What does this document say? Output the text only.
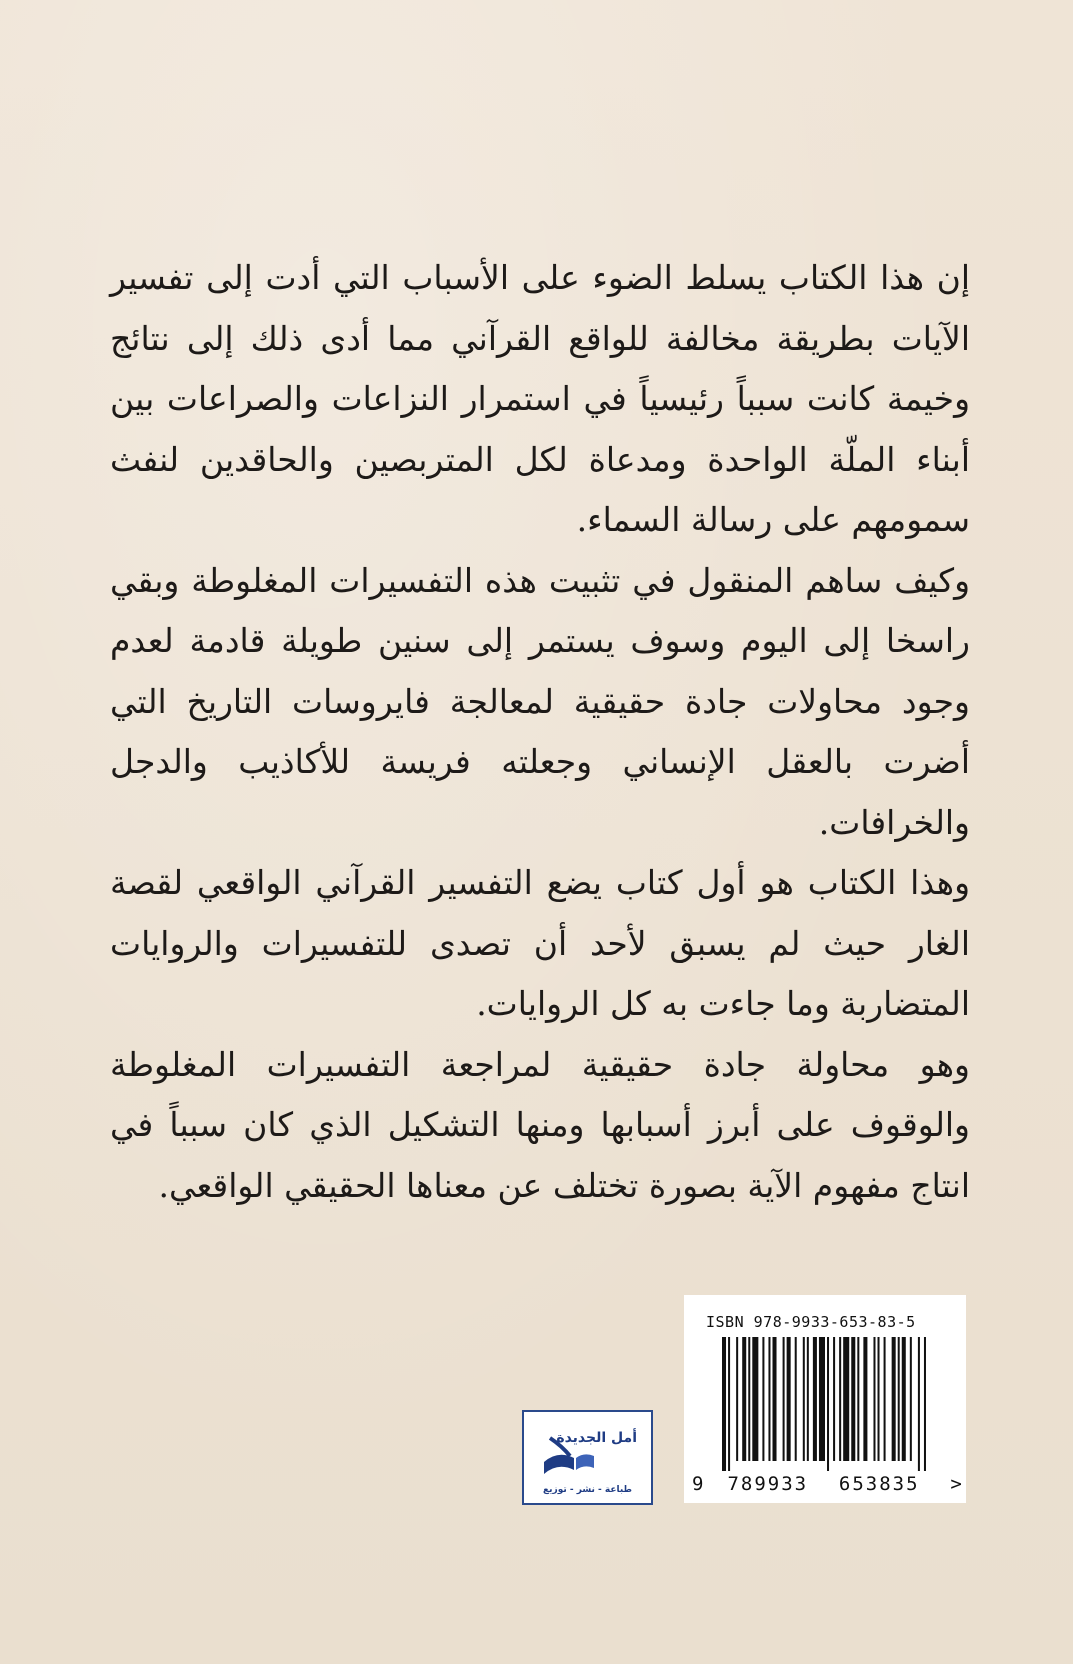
إن هذا الكتاب يسلط الضوء على الأسباب التي أدت إلى تفسير الآيات بطريقة مخالفة للواقع القرآني مما أدى ذلك إلى نتائج وخيمة كانت سبباً رئيسياً في استمرار النزاعات والصراعات بين أبناء الملّة الواحدة ومدعاة لكل المتربصين والحاقدين لنفث سمومهم على رسالة السماء.

وكيف ساهم المنقول في تثبيت هذه التفسيرات المغلوطة وبقي راسخا إلى اليوم وسوف يستمر إلى سنين طويلة قادمة لعدم وجود محاولات جادة حقيقية لمعالجة فايروسات التاريخ التي أضرت بالعقل الإنساني وجعلته فريسة للأكاذيب والدجل والخرافات.

وهذا الكتاب هو أول كتاب يضع التفسير القرآني الواقعي لقصة الغار حيث لم يسبق لأحد أن تصدى للتفسيرات والروايات المتضاربة وما جاءت به كل الروايات.

وهو محاولة جادة حقيقية لمراجعة التفسيرات المغلوطة والوقوف على أبرز أسبابها ومنها التشكيل الذي كان سبباً في انتاج مفهوم الآية بصورة تختلف عن معناها الحقيقي الواقعي.

أمل الجديدة
طباعة - نشر - توزيع
ISBN 978-9933-653-83-5
9 789933 653835 >
